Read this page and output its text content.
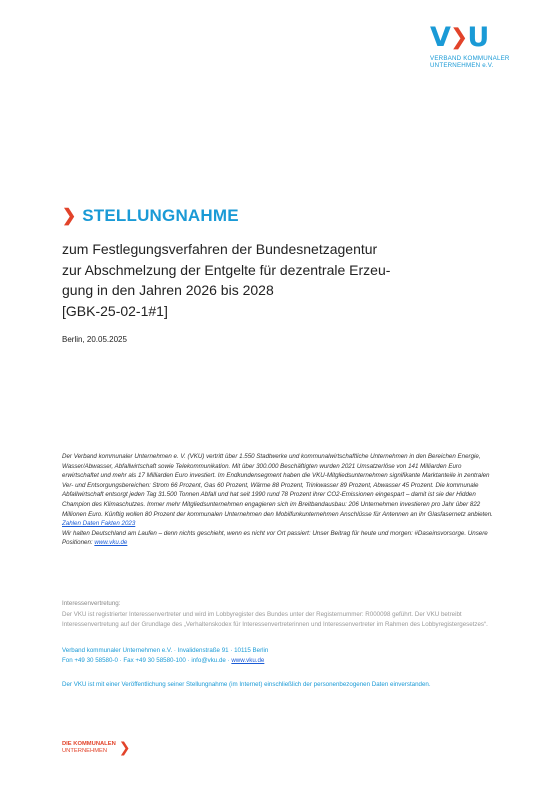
V ❯ U
VERBAND KOMMUNALER
UNTERNEHMEN e.V.
❯ STELLUNGNAHME
zum Festlegungsverfahren der Bundesnetzagentur
zur Abschmelzung der Entgelte für dezentrale Erzeu-
gung in den Jahren 2026 bis 2028
[GBK-25-02-1#1]
Berlin, 20.05.2025

Der Verband kommunaler Unternehmen e. V. (VKU) vertritt über 1.550 Stadtwerke und kommunalwirtschaftliche Unternehmen in den Bereichen Energie, Wasser/Abwasser, Abfallwirtschaft sowie Telekommunikation. Mit über 300.000 Beschäftigten wurden 2021 Umsatzerlöse von 141 Milliarden Euro erwirtschaftet und mehr als 17 Milliarden Euro investiert. Im Endkundensegment haben die VKU-Mitgliedsunternehmen signifikante Marktanteile in zentralen Ver- und Entsorgungsbereichen: Strom 66 Prozent, Gas 60 Prozent, Wärme 88 Prozent, Trinkwasser 89 Prozent, Abwasser 45 Prozent. Die kommunale Abfallwirtschaft entsorgt jeden Tag 31.500 Tonnen Abfall und hat seit 1990 rund 78 Prozent ihrer CO2-Emissionen eingespart – damit ist sie der Hidden Champion des Klimaschutzes. Immer mehr Mitgliedsunternehmen engagieren sich im Breitbandausbau: 206 Unternehmen investieren pro Jahr über 822 Millionen Euro. Künftig wollen 80 Prozent der kommunalen Unternehmen den Mobilfunkunternehmen Anschlüsse für Antennen an ihr Glasfasernetz anbieten.

Zahlen Daten Fakten 2023

Wir halten Deutschland am Laufen – denn nichts geschieht, wenn es nicht vor Ort passiert: Unser Beitrag für heute und morgen: #Daseinsvorsorge. Unsere Positionen: www.vku.de

Interessenvertretung:
Der VKU ist registrierter Interessenvertreter und wird im Lobbyregister des Bundes unter der Registernummer: R000098 geführt. Der VKU betreibt Interessenvertretung auf der Grundlage des „Verhaltenskodex für Interessenvertreterinnen und Interessenvertreter im Rahmen des Lobbyregistergesetzes“.
Verband kommunaler Unternehmen e.V. · Invalidenstraße 91 · 10115 Berlin
Fon +49 30 58580-0 · Fax +49 30 58580-100 · info@vku.de · www.vku.de
Der VKU ist mit einer Veröffentlichung seiner Stellungnahme (im Internet) einschließlich der personenbezogenen Daten einverstanden.
DIE KOMMUNALEN
UNTERNEHMEN ❯
